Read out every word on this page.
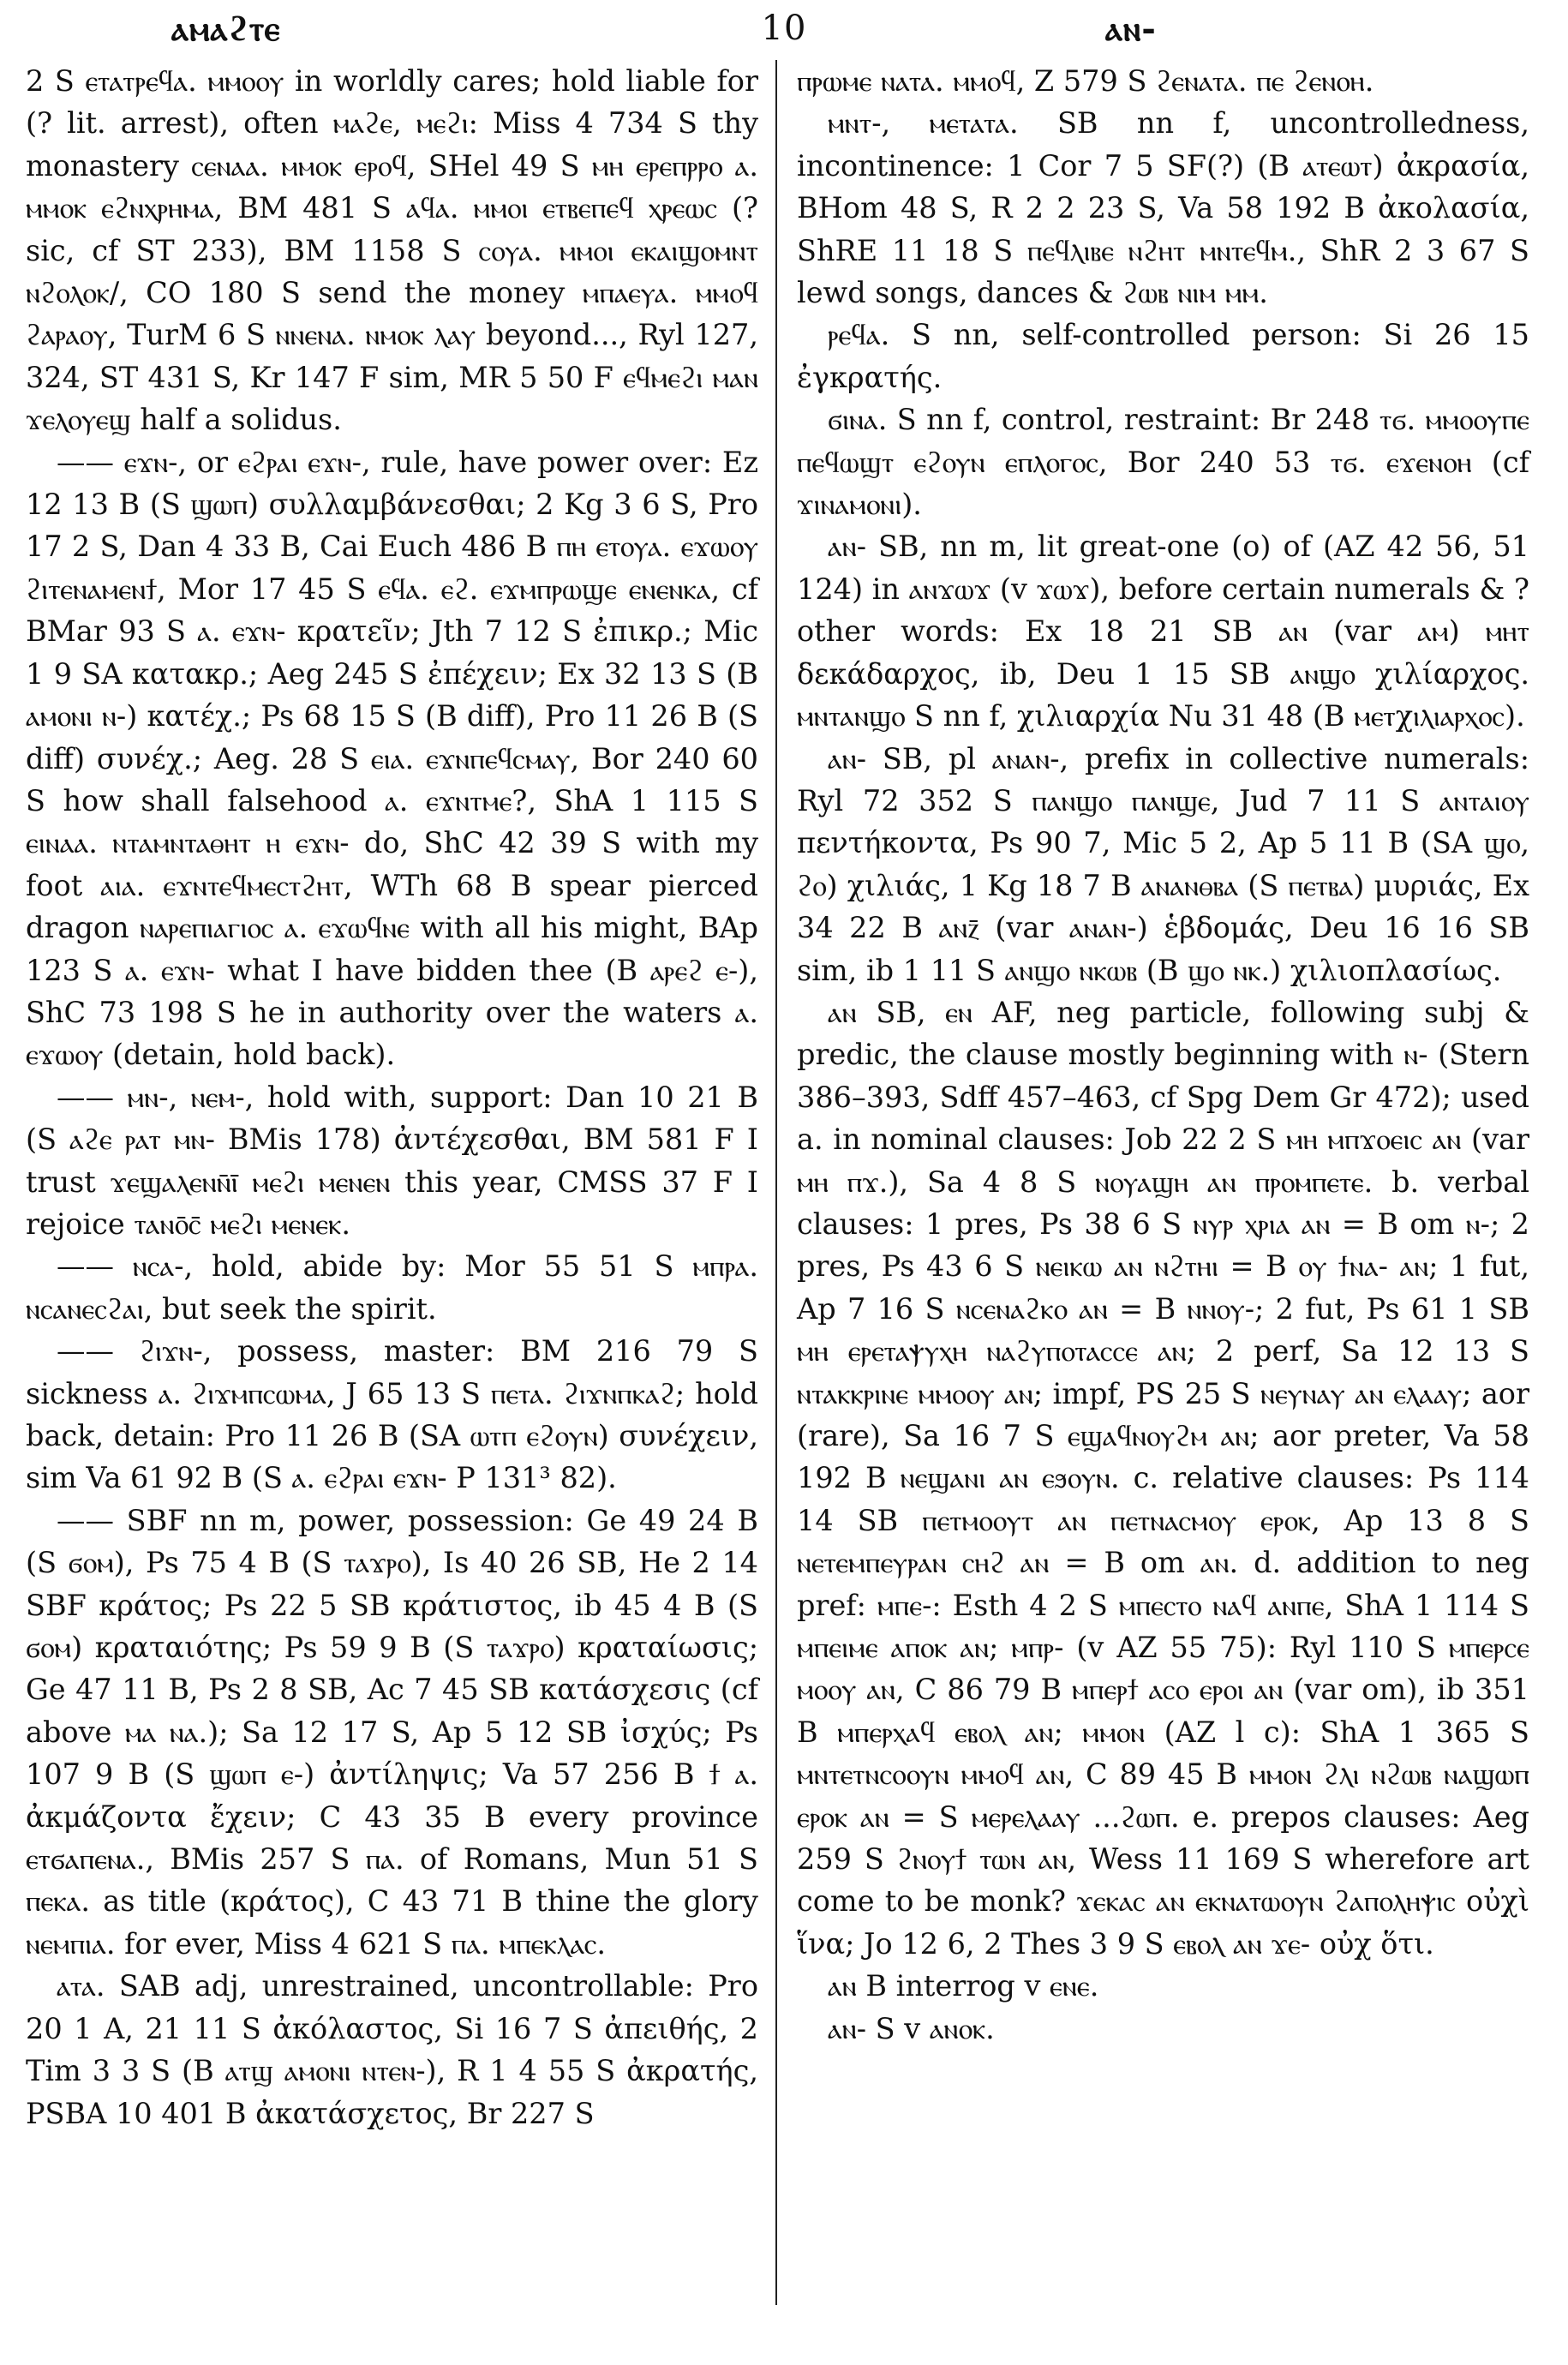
ⲁⲙⲁϩⲧⲉ	10	ⲁⲛ-

2 S ⲉⲧⲁⲧⲣⲉϥⲁ. ⲙⲙⲟⲟⲩ in worldly cares; hold liable for (? lit. arrest), often ⲙⲁϩⲉ, ⲙⲉϩⲓ: Miss 4 734 S thy monastery ⲥⲉⲛⲁⲁ. ⲙⲙⲟⲕ ⲉⲣⲟϥ, SHel 49 S ⲙⲏ ⲉⲣⲉⲡⲣⲣⲟ ⲁ. ⲙⲙⲟⲕ ⲉϩⲛⲭⲣⲏⲙⲁ, BM 481 S ⲁϥⲁ. ⲙⲙⲟⲓ ⲉⲧⲃⲉⲡⲉϥ ⲭⲣⲉⲱⲥ (? sic, cf ST 233), BM 1158 S ⲥⲟⲩⲁ. ⲙⲙⲟⲓ ⲉⲕⲁⲓϣⲟⲙⲛⲧ ⲛϩⲟⲗⲟⲕ/, CO 180 S send the money ⲙⲡⲁⲉⲩⲁ. ⲙⲙⲟϥ ϩⲁⲣⲁⲟⲩ, TurM 6 S ⲛⲛⲉⲛⲁ. ⲛⲙⲟⲕ ⲗⲁⲩ beyond..., Ryl 127, 324, ST 431 S, Kr 147 F sim, MR 5 50 F ⲉϥⲙⲉϩⲓ ⲙⲁⲛ ϫⲉⲗⲟⲩⲉϣ half a solidus.

—— ⲉϫⲛ-, or ⲉϩⲣⲁⲓ ⲉϫⲛ-, rule, have power over: Ez 12 13 B (S ϣⲱⲡ) συλλαμβάνεσθαι; 2 Kg 3 6 S, Pro 17 2 S, Dan 4 33 B, Cai Euch 486 B ⲡⲏ ⲉⲧⲟⲩⲁ. ⲉϫⲱⲟⲩ ϩⲓⲧⲉⲛⲁⲙⲉⲛϯ, Mor 17 45 S ⲉϥⲁ. ⲉϩ. ⲉϫⲙⲡⲣⲱϣⲉ ⲉⲛⲉⲛⲕⲁ, cf BMar 93 S ⲁ. ⲉϫⲛ- κρατεῖν; Jth 7 12 S ἐπικρ.; Mic 1 9 SA κατακρ.; Aeg 245 S ἐπέχειν; Ex 32 13 S (B ⲁⲙⲟⲛⲓ ⲛ-) κατέχ.; Ps 68 15 S (B diff), Pro 11 26 B (S diff) συνέχ.; Aeg. 28 S ⲉⲓⲁ. ⲉϫⲛⲡⲉϥⲥⲙⲁⲩ, Bor 240 60 S how shall falsehood ⲁ. ⲉϫⲛⲧⲙⲉ?, ShA 1 115 S ⲉⲓⲛⲁⲁ. ⲛⲧⲁⲙⲛⲧⲁⲑⲏⲧ ⲏ ⲉϫⲛ- do, ShC 42 39 S with my foot ⲁⲓⲁ. ⲉϫⲛⲧⲉϥⲙⲉⲥⲧϩⲏⲧ, WTh 68 B spear pierced dragon ⲛⲁⲣⲉⲡⲓⲁⲅⲓⲟⲥ ⲁ. ⲉϫⲱϥⲛⲉ with all his might, BAp 123 S ⲁ. ⲉϫⲛ- what I have bidden thee (B ⲁⲣⲉϩ ⲉ-), ShC 73 198 S he in authority over the waters ⲁ. ⲉϫⲱⲟⲩ (detain, hold back).

—— ⲙⲛ-, ⲛⲉⲙ-, hold with, support: Dan 10 21 B (S ⲁϩⲉ ⲣⲁⲧ ⲙⲛ- BMis 178) ἀντέχεσθαι, BM 581 F I trust ϫⲉϣⲁⲗⲉⲛⲛ̄ⲓ̄ ⲙⲉϩⲓ ⲙⲉⲛⲉⲛ this year, CMSS 37 F I rejoice ⲧⲁⲛⲟ̄ⲥ̄ ⲙⲉϩⲓ ⲙⲉⲛⲉⲕ.

—— ⲛⲥⲁ-, hold, abide by: Mor 55 51 S ⲙⲡⲣⲁ. ⲛⲥⲁⲛⲉⲥϩⲁⲓ, but seek the spirit.

—— ϩⲓϫⲛ-, possess, master: BM 216 79 S sickness ⲁ. ϩⲓϫⲙⲡⲥⲱⲙⲁ, J 65 13 S ⲡⲉⲧⲁ. ϩⲓϫⲛⲡⲕⲁϩ; hold back, detain: Pro 11 26 B (SA ⲱⲧⲡ ⲉϩⲟⲩⲛ) συνέχειν, sim Va 61 92 B (S ⲁ. ⲉϩⲣⲁⲓ ⲉϫⲛ- P 131³ 82).

—— SBF nn m, power, possession: Ge 49 24 B (S ϭⲟⲙ), Ps 75 4 B (S ⲧⲁϫⲣⲟ), Is 40 26 SB, He 2 14 SBF κράτος; Ps 22 5 SB κράτιστος, ib 45 4 B (S ϭⲟⲙ) κραταιότης; Ps 59 9 B (S ⲧⲁϫⲣⲟ) κραταίωσις; Ge 47 11 B, Ps 2 8 SB, Ac 7 45 SB κατάσχεσις (cf above ⲙⲁ ⲛⲁ.); Sa 12 17 S, Ap 5 12 SB ἰσχύς; Ps 107 9 B (S ϣⲱⲡ ⲉ-) ἀντίληψις; Va 57 256 B ϯ ⲁ. ἀκμάζοντα ἔχειν; C 43 35 B every province ⲉⲧϭⲁⲡⲉⲛⲁ., BMis 257 S ⲡⲁ. of Romans, Mun 51 S ⲡⲉⲕⲁ. as title (κράτος), C 43 71 B thine the glory ⲛⲉⲙⲡⲓⲁ. for ever, Miss 4 621 S ⲡⲁ. ⲙⲡⲉⲕⲗⲁⲥ.

ⲁⲧⲁ. SAB adj, unrestrained, uncontrollable: Pro 20 1 A, 21 11 S ἀκόλαστος, Si 16 7 S ἀπειθής, 2 Tim 3 3 S (B ⲁⲧϣ ⲁⲙⲟⲛⲓ ⲛⲧⲉⲛ-), R 1 4 55 S ἀκρατής, PSBA 10 401 B ἀκατάσχετος, Br 227 S

ⲡⲣⲱⲙⲉ ⲛⲁⲧⲁ. ⲙⲙⲟϥ, Z 579 S ϩⲉⲛⲁⲧⲁ. ⲡⲉ ϩⲉⲛⲟⲏ.

ⲙⲛⲧ-, ⲙⲉⲧⲁⲧⲁ. SB nn f, uncontrolledness, incontinence: 1 Cor 7 5 SF(?) (B ⲁⲧⲉⲱⲧ) ἀκρασία, BHom 48 S, R 2 2 23 S, Va 58 192 B ἀκολασία, ShRE 11 18 S ⲡⲉϥⲗⲓⲃⲉ ⲛϩⲏⲧ ⲙⲛⲧⲉϥⲙ., ShR 2 3 67 S lewd songs, dances & ϩⲱⲃ ⲛⲓⲙ ⲙⲙ.

ⲣⲉϥⲁ. S nn, self-controlled person: Si 26 15 ἐγκρατής.

ϭⲓⲛⲁ. S nn f, control, restraint: Br 248 ⲧϭ. ⲙⲙⲟⲟⲩⲡⲉ ⲡⲉϥⲱϣⲧ ⲉϩⲟⲩⲛ ⲉⲡⲗⲟⲅⲟⲥ, Bor 240 53 ⲧϭ. ⲉϫⲉⲛⲟⲏ (cf ϫⲓⲛⲁⲙⲟⲛⲓ).

ⲁⲛ- SB, nn m, lit great-one (o) of (AZ 42 56, 51 124) in ⲁⲛϫⲱϫ (v ϫⲱϫ), before certain numerals & ? other words: Ex 18 21 SB ⲁⲛ (var ⲁⲙ) ⲙⲏⲧ δεκάδαρχος, ib, Deu 1 15 SB ⲁⲛϣⲟ χιλίαρχος. ⲙⲛⲧⲁⲛϣⲟ S nn f, χιλιαρχία Nu 31 48 (B ⲙⲉⲧχⲓⲗⲓⲁⲣⲭⲟⲥ).

ⲁⲛ- SB, pl ⲁⲛⲁⲛ-, prefix in collective numerals: Ryl 72 352 S ⲡⲁⲛϣⲟ ⲡⲁⲛϣⲉ, Jud 7 11 S ⲁⲛⲧⲁⲓⲟⲩ πεντήκοντα, Ps 90 7, Mic 5 2, Ap 5 11 B (SA ϣⲟ, ϩⲟ) χιλιάς, 1 Kg 18 7 B ⲁⲛⲁⲛⲑⲃⲁ (S ⲡⲉⲧⲃⲁ) μυριάς, Ex 34 22 B ⲁⲛⲍ̄ (var ⲁⲛⲁⲛ-) ἑβδομάς, Deu 16 16 SB sim, ib 1 11 S ⲁⲛϣⲟ ⲛⲕⲱⲃ (B ϣⲟ ⲛⲕ.) χιλιοπλασίως.

ⲁⲛ SB, ⲉⲛ AF, neg particle, following subj & predic, the clause mostly beginning with ⲛ- (Stern 386–393, Sdff 457–463, cf Spg Dem Gr 472); used a. in nominal clauses: Job 22 2 S ⲙⲏ ⲙⲡϫⲟⲉⲓⲥ ⲁⲛ (var ⲙⲏ ⲡϫ.), Sa 4 8 S ⲛⲟⲩⲁϣⲏ ⲁⲛ ⲡⲣⲟⲙⲡⲉⲧⲉ. b. verbal clauses: 1 pres, Ps 38 6 S ⲛⲩⲣ ⲭⲣⲓⲁ ⲁⲛ = B om ⲛ-; 2 pres, Ps 43 6 S ⲛⲉⲓⲕⲱ ⲁⲛ ⲛϩⲧⲏⲓ = B ⲟⲩ ϯⲛⲁ- ⲁⲛ; 1 fut, Ap 7 16 S ⲛⲥⲉⲛⲁϩⲕⲟ ⲁⲛ = B ⲛⲛⲟⲩ-; 2 fut, Ps 61 1 SB ⲙⲏ ⲉⲣⲉⲧⲁⲯⲩⲭⲏ ⲛⲁϩⲩⲡⲟⲧⲁⲥⲥⲉ ⲁⲛ; 2 perf, Sa 12 13 S ⲛⲧⲁⲕⲕⲣⲓⲛⲉ ⲙⲙⲟⲟⲩ ⲁⲛ; impf, PS 25 S ⲛⲉⲩⲛⲁⲩ ⲁⲛ ⲉⲗⲁⲁⲩ; aor (rare), Sa 16 7 S ⲉϣⲁϥⲛⲟⲩϩⲙ ⲁⲛ; aor preter, Va 58 192 B ⲛⲉϣⲁⲛⲓ ⲁⲛ ⲉϧⲟⲩⲛ. c. relative clauses: Ps 114 14 SB ⲡⲉⲧⲙⲟⲟⲩⲧ ⲁⲛ ⲡⲉⲧⲛⲁⲥⲙⲟⲩ ⲉⲣⲟⲕ, Ap 13 8 S ⲛⲉⲧⲉⲙⲡⲉⲩⲣⲁⲛ ⲥⲏϩ ⲁⲛ = B om ⲁⲛ. d. addition to neg pref: ⲙⲡⲉ-: Esth 4 2 S ⲙⲡⲉⲥⲧⲟ ⲛⲁϥ ⲁⲛⲡⲉ, ShA 1 114 S ⲙⲡⲉⲓⲙⲉ ⲁⲡⲟⲕ ⲁⲛ; ⲙⲡⲣ- (v AZ 55 75): Ryl 110 S ⲙⲡⲉⲣⲥⲉ ⲙⲟⲟⲩ ⲁⲛ, C 86 79 B ⲙⲡⲉⲣϯ ⲁⲥⲟ ⲉⲣⲟⲓ ⲁⲛ (var om), ib 351 B ⲙⲡⲉⲣⲭⲁϥ ⲉⲃⲟⲗ ⲁⲛ; ⲙⲙⲟⲛ (AZ l c): ShA 1 365 S ⲙⲛⲧⲉⲧⲛⲥⲟⲟⲩⲛ ⲙⲙⲟϥ ⲁⲛ, C 89 45 B ⲙⲙⲟⲛ ϩⲗⲓ ⲛϩⲱⲃ ⲛⲁϣⲱⲡ ⲉⲣⲟⲕ ⲁⲛ = S ⲙⲉⲣⲉⲗⲁⲁⲩ ...ϩⲱⲡ. e. prepos clauses: Aeg 259 S ϩⲛⲟⲩϯ ⲧⲱⲛ ⲁⲛ, Wess 11 169 S wherefore art come to be monk? ϫⲉⲕⲁⲥ ⲁⲛ ⲉⲕⲛⲁⲧⲱⲟⲩⲛ ϩⲁⲡⲟⲗⲏⲯⲓⲥ οὐχὶ ἵνα; Jo 12 6, 2 Thes 3 9 S ⲉⲃⲟⲗ ⲁⲛ ϫⲉ- οὐχ ὅτι.

ⲁⲛ B interrog v ⲉⲛⲉ.

ⲁⲛ- S v ⲁⲛⲟⲕ.
